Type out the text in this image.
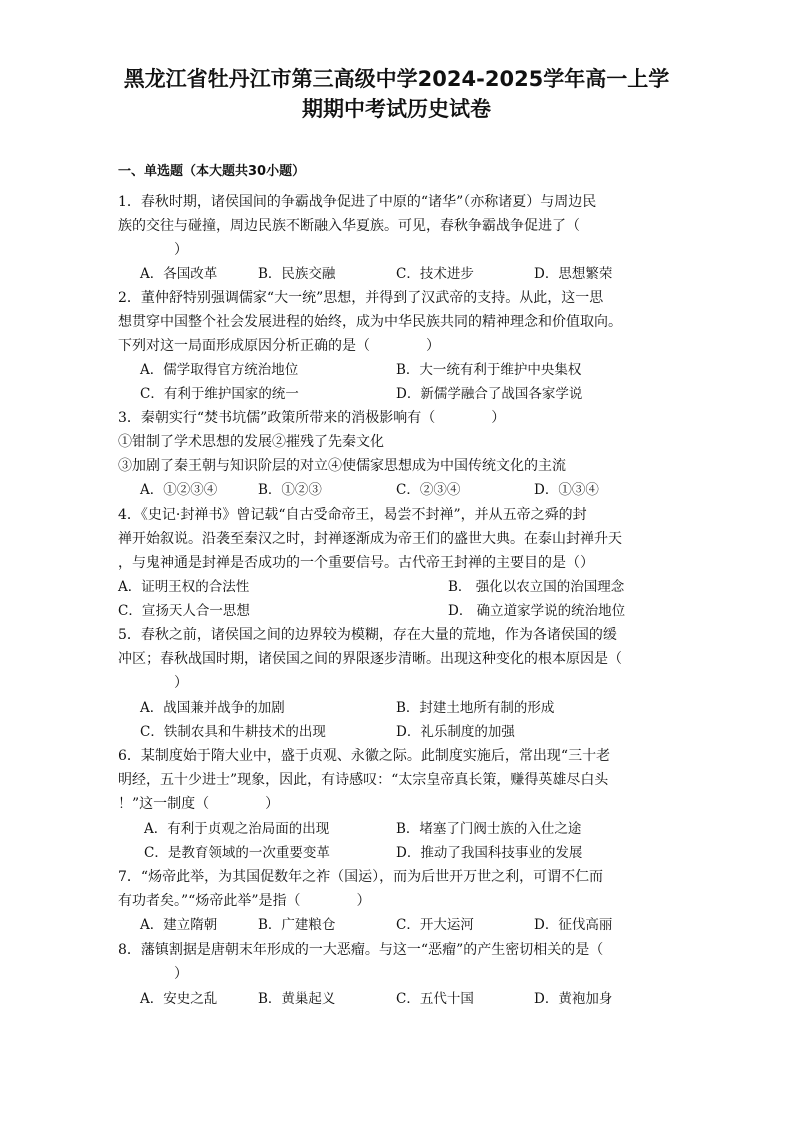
黑龙江省牡丹江市第三高级中学2024-2025学年高一上学
期期中考试历史试卷
一、单选题（本大题共30小题）
1．春秋时期，诸侯国间的争霸战争促进了中原的“诸华”（亦称诸夏）与周边民
族的交往与碰撞，周边民族不断融入华夏族。可见，春秋争霸战争促进了（
　　　　）
A．各国改革	B．民族交融	C．技术进步	D．思想繁荣
2．董仲舒特别强调儒家“大一统”思想，并得到了汉武帝的支持。从此，这一思
想贯穿中国整个社会发展进程的始终，成为中华民族共同的精神理念和价值取向。
下列对这一局面形成原因分析正确的是（　　　　）
A．儒学取得官方统治地位	B．大一统有利于维护中央集权
C．有利于维护国家的统一	D．新儒学融合了战国各家学说
3．秦朝实行“焚书坑儒”政策所带来的消极影响有（　　　　）
①钳制了学术思想的发展②摧残了先秦文化
③加剧了秦王朝与知识阶层的对立④使儒家思想成为中国传统文化的主流
A．①②③④	B．①②③	C．②③④	D．①③④
4．《史记·封禅书》曾记载“自古受命帝王，曷尝不封禅”，并从五帝之舜的封
禅开始叙说。沿袭至秦汉之时，封禅逐渐成为帝王们的盛世大典。在泰山封禅升天
，与鬼神通是封禅是否成功的一个重要信号。古代帝王封禅的主要目的是（）
A．证明王权的合法性	B． 强化以农立国的治国理念
C．宣扬天人合一思想	D． 确立道家学说的统治地位
5．春秋之前，诸侯国之间的边界较为模糊，存在大量的荒地，作为各诸侯国的缓
冲区；春秋战国时期，诸侯国之间的界限逐步清晰。出现这种变化的根本原因是（
　　　　）
A．战国兼并战争的加剧	B．封建土地所有制的形成
C．铁制农具和牛耕技术的出现	D．礼乐制度的加强
6．某制度始于隋大业中，盛于贞观、永徽之际。此制度实施后，常出现“三十老
明经，五十少进士”现象，因此，有诗感叹：“太宗皇帝真长策，赚得英雄尽白头
！”这一制度（　　　　）
A．有利于贞观之治局面的出现	B．堵塞了门阀士族的入仕之途
C．是教育领域的一次重要变革	D．推动了我国科技事业的发展
7．“炀帝此举，为其国促数年之祚（国运），而为后世开万世之利，可谓不仁而
有功者矣。”“炀帝此举”是指（　　　　）
A．建立隋朝	B．广建粮仓	C．开大运河	D．征伐高丽
8．藩镇割据是唐朝末年形成的一大恶瘤。与这一“恶瘤”的产生密切相关的是（
　　　　）
A．安史之乱	B．黄巢起义	C．五代十国	D．黄袍加身
